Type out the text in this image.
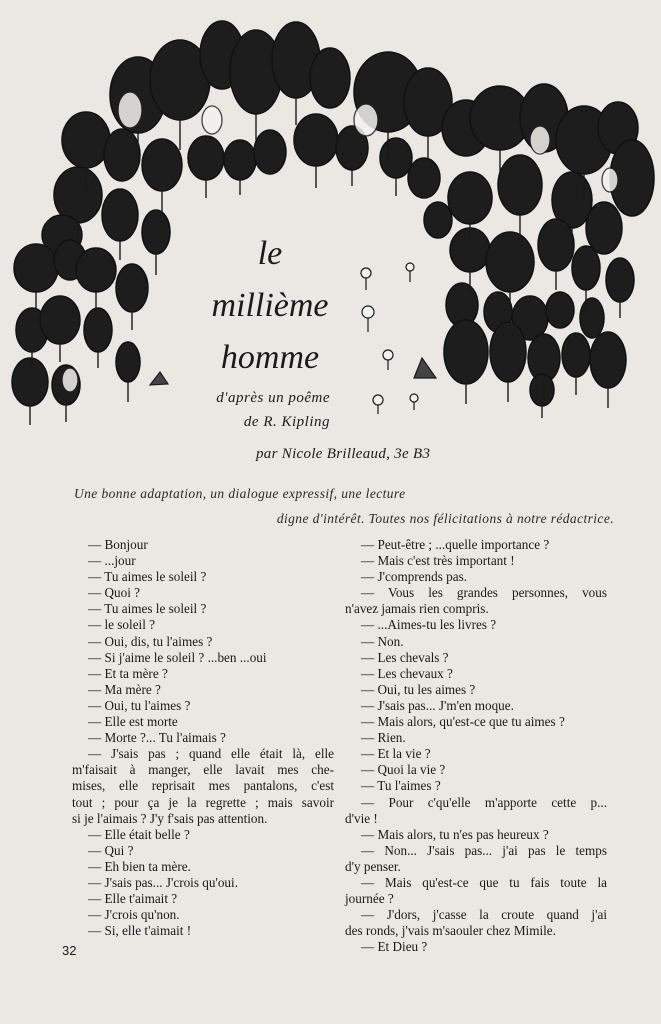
le
millième
homme
d'après un poême
de R. Kipling
par Nicole Brilleaud, 3e B3
Une bonne adaptation, un dialogue expressif, une lecture
digne d'intérêt. Toutes nos félicitations à notre rédactrice.
— Bonjour
— ...jour
— Tu aimes le soleil ?
— Quoi ?
— Tu aimes le soleil ?
— le soleil ?
— Oui, dis, tu l'aimes ?
— Si j'aime le soleil ? ...ben ...oui
— Et ta mère ?
— Ma mère ?
— Oui, tu l'aimes ?
— Elle est morte
— Morte ?... Tu l'aimais ?
— J'sais pas ; quand elle était là, elle
m'faisait à manger, elle lavait mes che-
mises, elle reprisait mes pantalons, c'est
tout ; pour ça je la regrette ; mais savoir
si je l'aimais ? J'y f'sais pas attention.
— Elle était belle ?
— Qui ?
— Eh bien ta mère.
— J'sais pas... J'crois qu'oui.
— Elle t'aimait ?
— J'crois qu'non.
— Si, elle t'aimait !
— Peut-être ; ...quelle importance ?
— Mais c'est très important !
— J'comprends pas.
— Vous les grandes personnes, vous
n'avez jamais rien compris.
— ...Aimes-tu les livres ?
— Non.
— Les chevals ?
— Les chevaux ?
— Oui, tu les aimes ?
— J'sais pas... J'm'en moque.
— Mais alors, qu'est-ce que tu aimes ?
— Rien.
— Et la vie ?
— Quoi la vie ?
— Tu l'aimes ?
— Pour c'qu'elle m'apporte cette p...
d'vie !
— Mais alors, tu n'es pas heureux ?
— Non... J'sais pas... j'ai pas le temps
d'y penser.
— Mais qu'est-ce que tu fais toute la
journée ?
— J'dors, j'casse la croute quand j'ai
des ronds, j'vais m'saouler chez Mimile.
— Et Dieu ?
32
